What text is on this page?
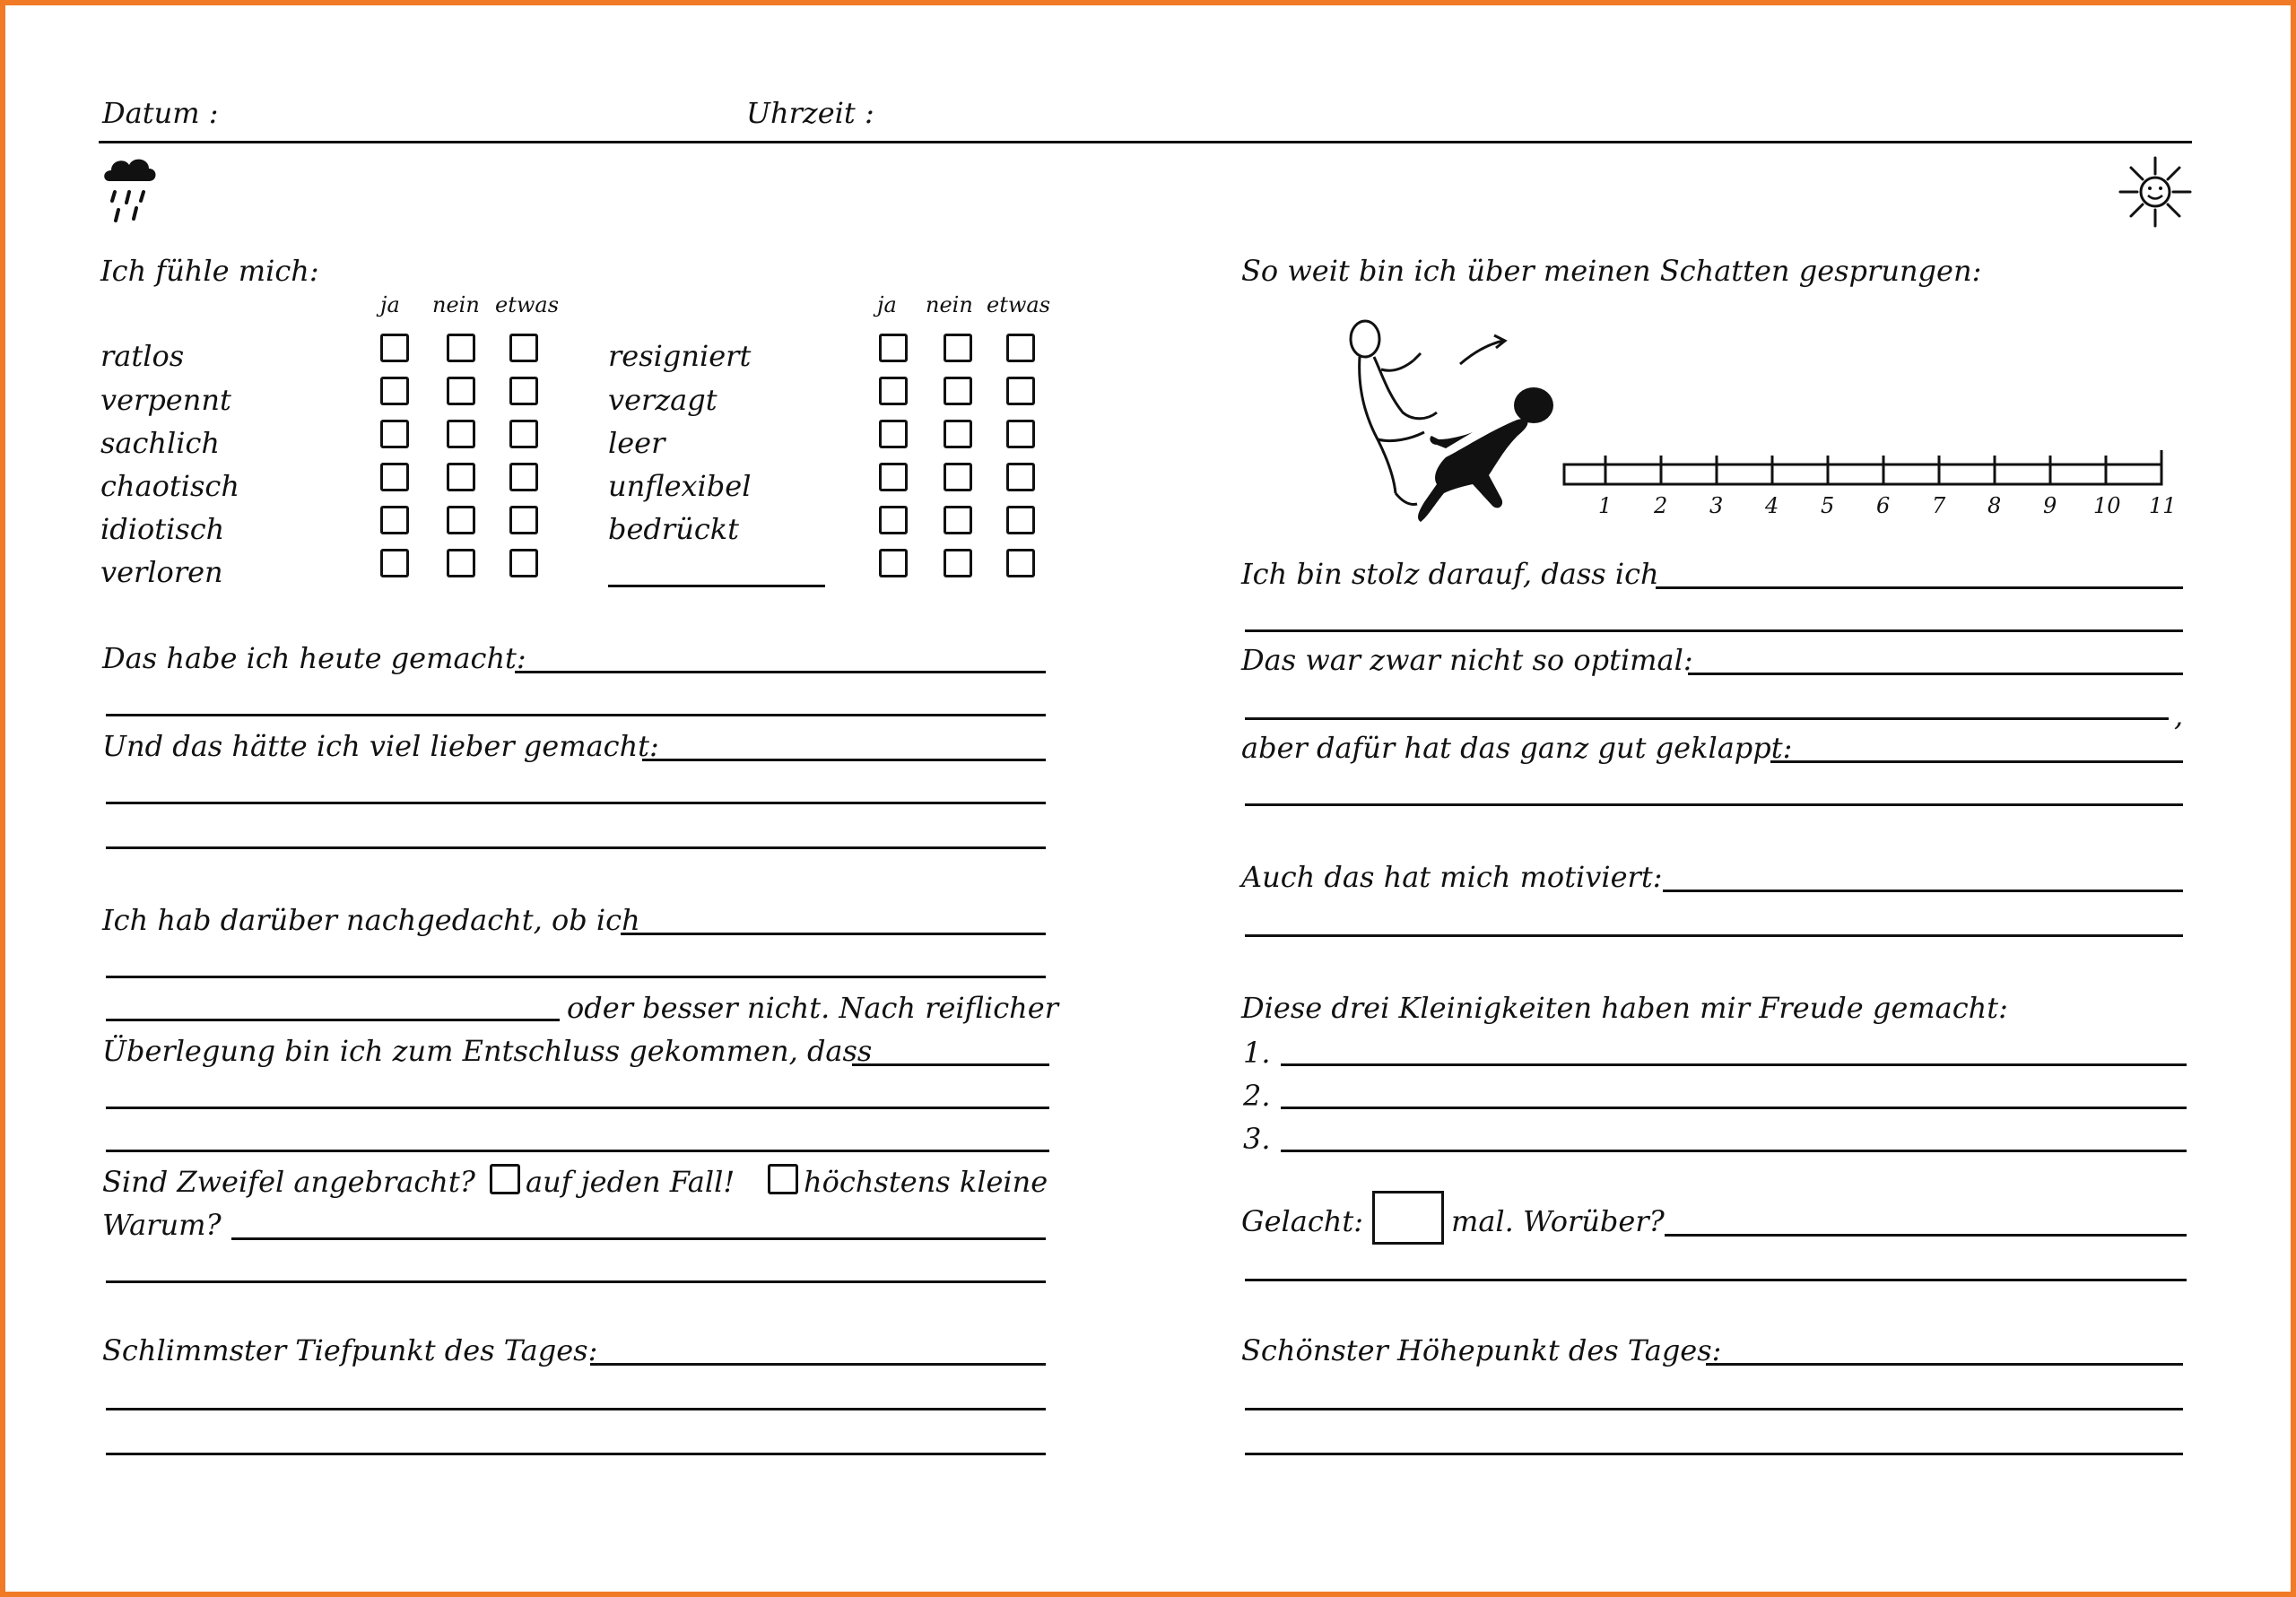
Datum :	Uhrzeit :
Ich fühle mich:
ja nein etwas	ja nein etwas
ratlos
verpennt
sachlich
chaotisch
idiotisch
verloren
resigniert
verzagt
leer
unflexibel
bedrückt
Das habe ich heute gemacht:
Und das hätte ich viel lieber gemacht:
Ich hab darüber nachgedacht, ob ich
oder besser nicht. Nach reiflicher
Überlegung bin ich zum Entschluss gekommen, dass
Sind Zweifel angebracht? auf jeden Fall! höchstens kleine
Warum?
Schlimmster Tiefpunkt des Tages:
So weit bin ich über meinen Schatten gesprungen:
1 2 3 4 5 6 7 8 9 10 11
Ich bin stolz darauf, dass ich
Das war zwar nicht so optimal:
,
aber dafür hat das ganz gut geklappt:
Auch das hat mich motiviert:
Diese drei Kleinigkeiten haben mir Freude gemacht:
1.
2.
3.
Gelacht:	mal. Worüber?
Schönster Höhepunkt des Tages:
